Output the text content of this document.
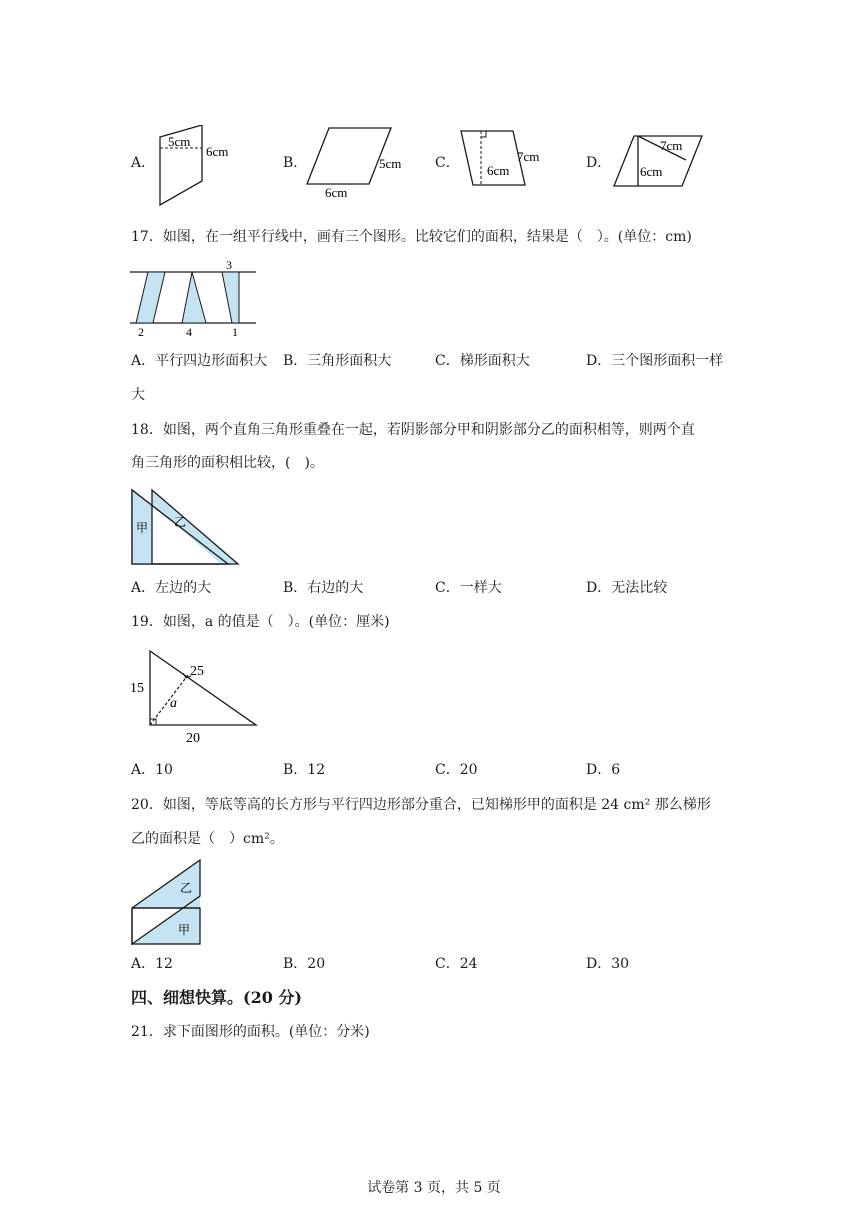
A．
5cm
6cm
B．	5cm
6cm
C．	7cm
6cm	D．
7cm
6cm
17．如图，在一组平行线中，画有三个图形。比较它们的面积，结果是（　）。(单位：cm)
3
2	4	1
A．平行四边形面积大 B．三角形面积大	C．梯形面积大	D．三个图形面积一样
大
18．如图，两个直角三角形重叠在一起，若阴影部分甲和阴影部分乙的面积相等，则两个直
角三角形的面积相比较，(　)。
甲 乙
A．左边的大	B．右边的大	C．一样大	D．无法比较
19．如图，a 的值是（　）。(单位：厘米)
15
25
a
20
A．10	B．12	C．20	D．6
20．如图，等底等高的长方形与平行四边形部分重合，已知梯形甲的面积是 24 cm² 那么梯形
乙的面积是（　）cm²。
乙
甲
A．12	B．20	C．24	D．30
四、细想快算。(20 分)
21．求下面图形的面积。(单位：分米)
试卷第 3 页，共 5 页
